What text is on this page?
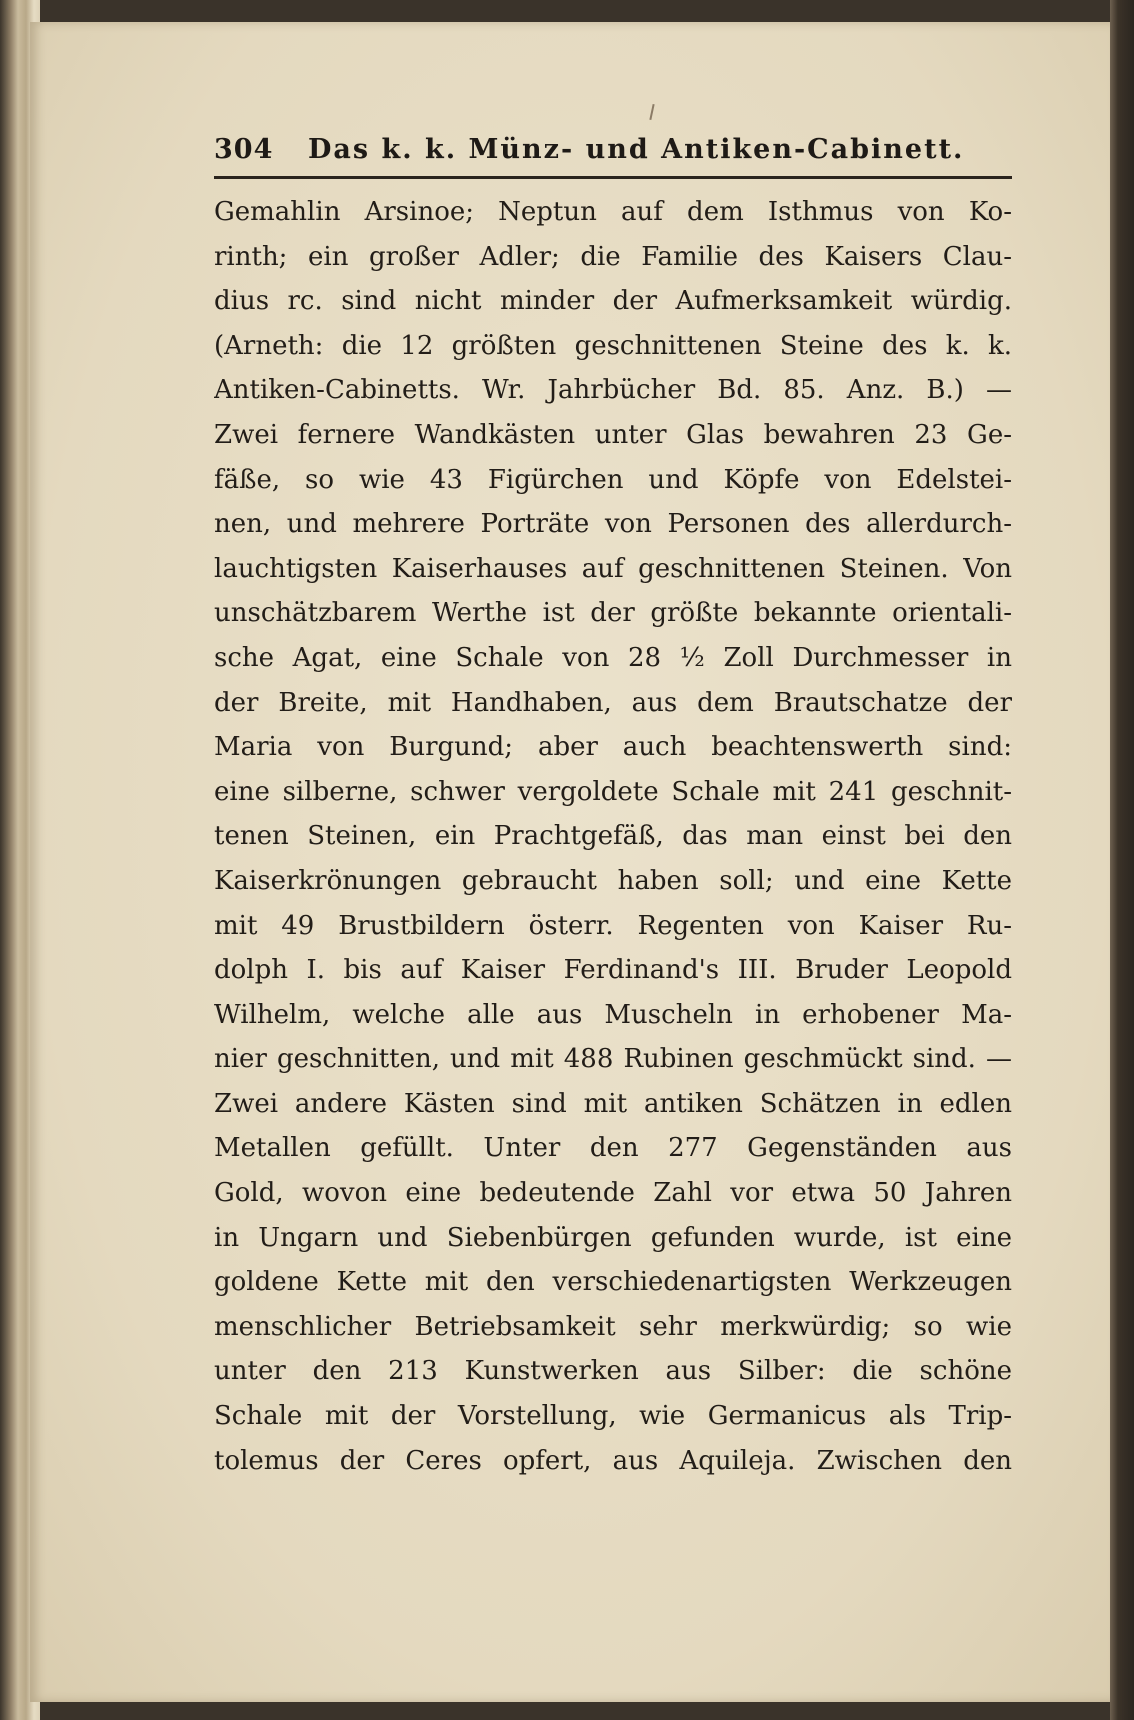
304 Das k. k. Münz- und Antiken-Cabinett.
Gemahlin Arsinoe; Neptun auf dem Isthmus von Ko-
rinth; ein großer Adler; die Familie des Kaisers Clau-
dius rc. sind nicht minder der Aufmerksamkeit würdig.
(Arneth: die 12 größten geschnittenen Steine des k. k.
Antiken-Cabinetts. Wr. Jahrbücher Bd. 85. Anz. B.) —
Zwei fernere Wandkästen unter Glas bewahren 23 Ge-
fäße, so wie 43 Figürchen und Köpfe von Edelstei-
nen, und mehrere Porträte von Personen des allerdurch-
lauchtigsten Kaiserhauses auf geschnittenen Steinen. Von
unschätzbarem Werthe ist der größte bekannte orientali-
sche Agat, eine Schale von 28 ½ Zoll Durchmesser in
der Breite, mit Handhaben, aus dem Brautschatze der
Maria von Burgund; aber auch beachtenswerth sind:
eine silberne, schwer vergoldete Schale mit 241 geschnit-
tenen Steinen, ein Prachtgefäß, das man einst bei den
Kaiserkrönungen gebraucht haben soll; und eine Kette
mit 49 Brustbildern österr. Regenten von Kaiser Ru-
dolph I. bis auf Kaiser Ferdinand's III. Bruder Leopold
Wilhelm, welche alle aus Muscheln in erhobener Ma-
nier geschnitten, und mit 488 Rubinen geschmückt sind. —
Zwei andere Kästen sind mit antiken Schätzen in edlen
Metallen gefüllt. Unter den 277 Gegenständen aus
Gold, wovon eine bedeutende Zahl vor etwa 50 Jahren
in Ungarn und Siebenbürgen gefunden wurde, ist eine
goldene Kette mit den verschiedenartigsten Werkzeugen
menschlicher Betriebsamkeit sehr merkwürdig; so wie
unter den 213 Kunstwerken aus Silber: die schöne
Schale mit der Vorstellung, wie Germanicus als Trip-
tolemus der Ceres opfert, aus Aquileja. Zwischen den
